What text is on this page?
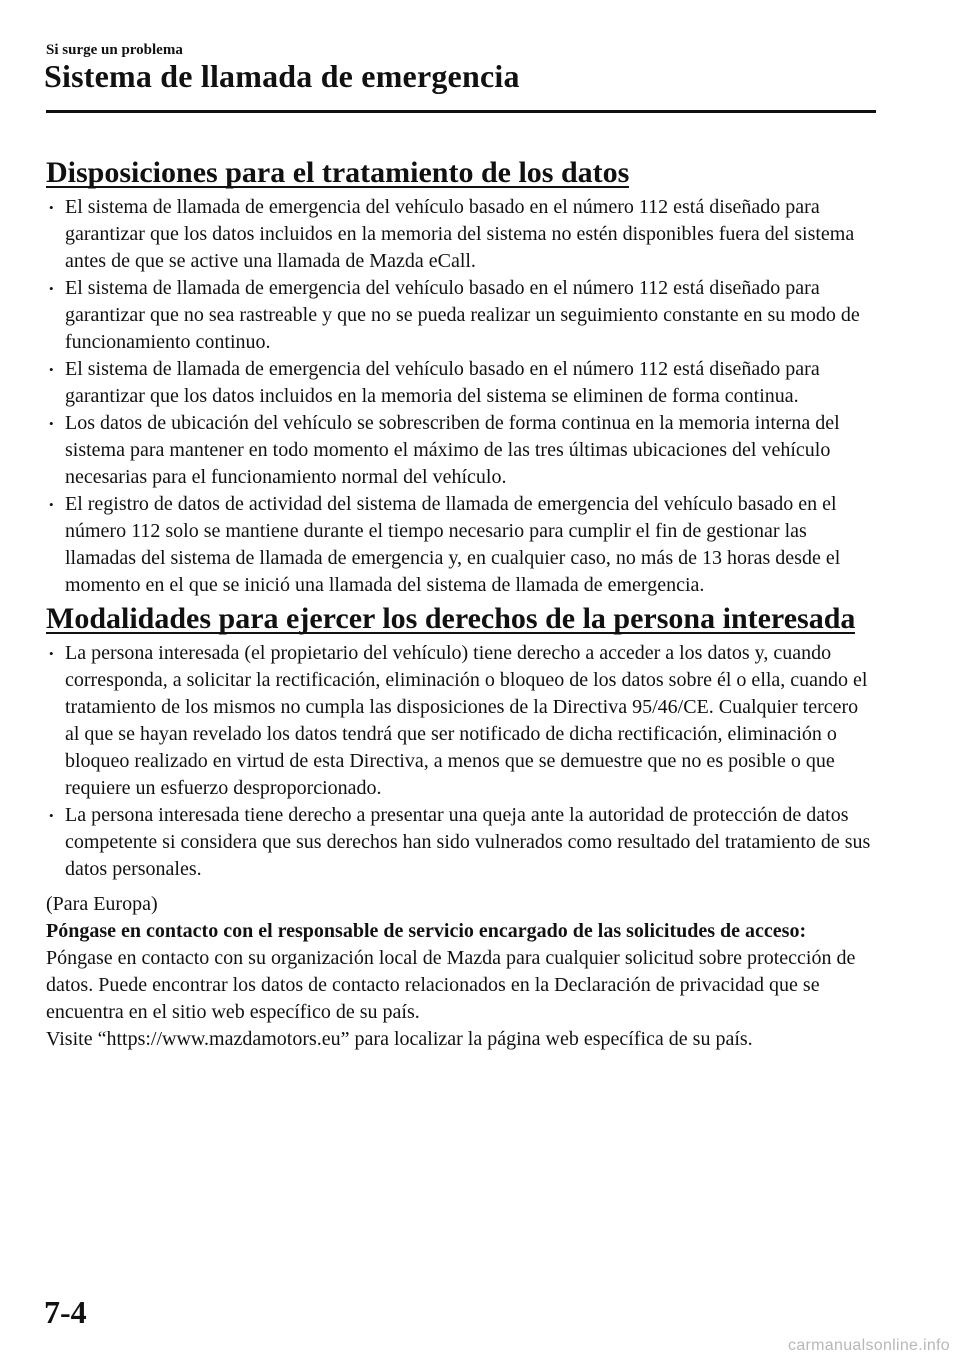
Si surge un problema

Sistema de llamada de emergencia
Disposiciones para el tratamiento de los datos
• El sistema de llamada de emergencia del vehículo basado en el número 112 está diseñado para garantizar que los datos incluidos en la memoria del sistema no estén disponibles fuera del sistema antes de que se active una llamada de Mazda eCall.
• El sistema de llamada de emergencia del vehículo basado en el número 112 está diseñado para garantizar que no sea rastreable y que no se pueda realizar un seguimiento constante en su modo de funcionamiento continuo.
• El sistema de llamada de emergencia del vehículo basado en el número 112 está diseñado para garantizar que los datos incluidos en la memoria del sistema se eliminen de forma continua.
• Los datos de ubicación del vehículo se sobrescriben de forma continua en la memoria interna del sistema para mantener en todo momento el máximo de las tres últimas ubicaciones del vehículo necesarias para el funcionamiento normal del vehículo.
• El registro de datos de actividad del sistema de llamada de emergencia del vehículo basado en el número 112 solo se mantiene durante el tiempo necesario para cumplir el fin de gestionar las llamadas del sistema de llamada de emergencia y, en cualquier caso, no más de 13 horas desde el momento en el que se inició una llamada del sistema de llamada de emergencia.
Modalidades para ejercer los derechos de la persona interesada
• La persona interesada (el propietario del vehículo) tiene derecho a acceder a los datos y, cuando corresponda, a solicitar la rectificación, eliminación o bloqueo de los datos sobre él o ella, cuando el tratamiento de los mismos no cumpla las disposiciones de la Directiva 95/46/CE. Cualquier tercero al que se hayan revelado los datos tendrá que ser notificado de dicha rectificación, eliminación o bloqueo realizado en virtud de esta Directiva, a menos que se demuestre que no es posible o que requiere un esfuerzo desproporcionado.
• La persona interesada tiene derecho a presentar una queja ante la autoridad de protección de datos competente si considera que sus derechos han sido vulnerados como resultado del tratamiento de sus datos personales.

(Para Europa)

Póngase en contacto con el responsable de servicio encargado de las solicitudes de acceso:

Póngase en contacto con su organización local de Mazda para cualquier solicitud sobre protección de datos. Puede encontrar los datos de contacto relacionados en la Declaración de privacidad que se encuentra en el sitio web específico de su país.

Visite “https://www.mazdamotors.eu” para localizar la página web específica de su país.

7-4

carmanualsonline.info
